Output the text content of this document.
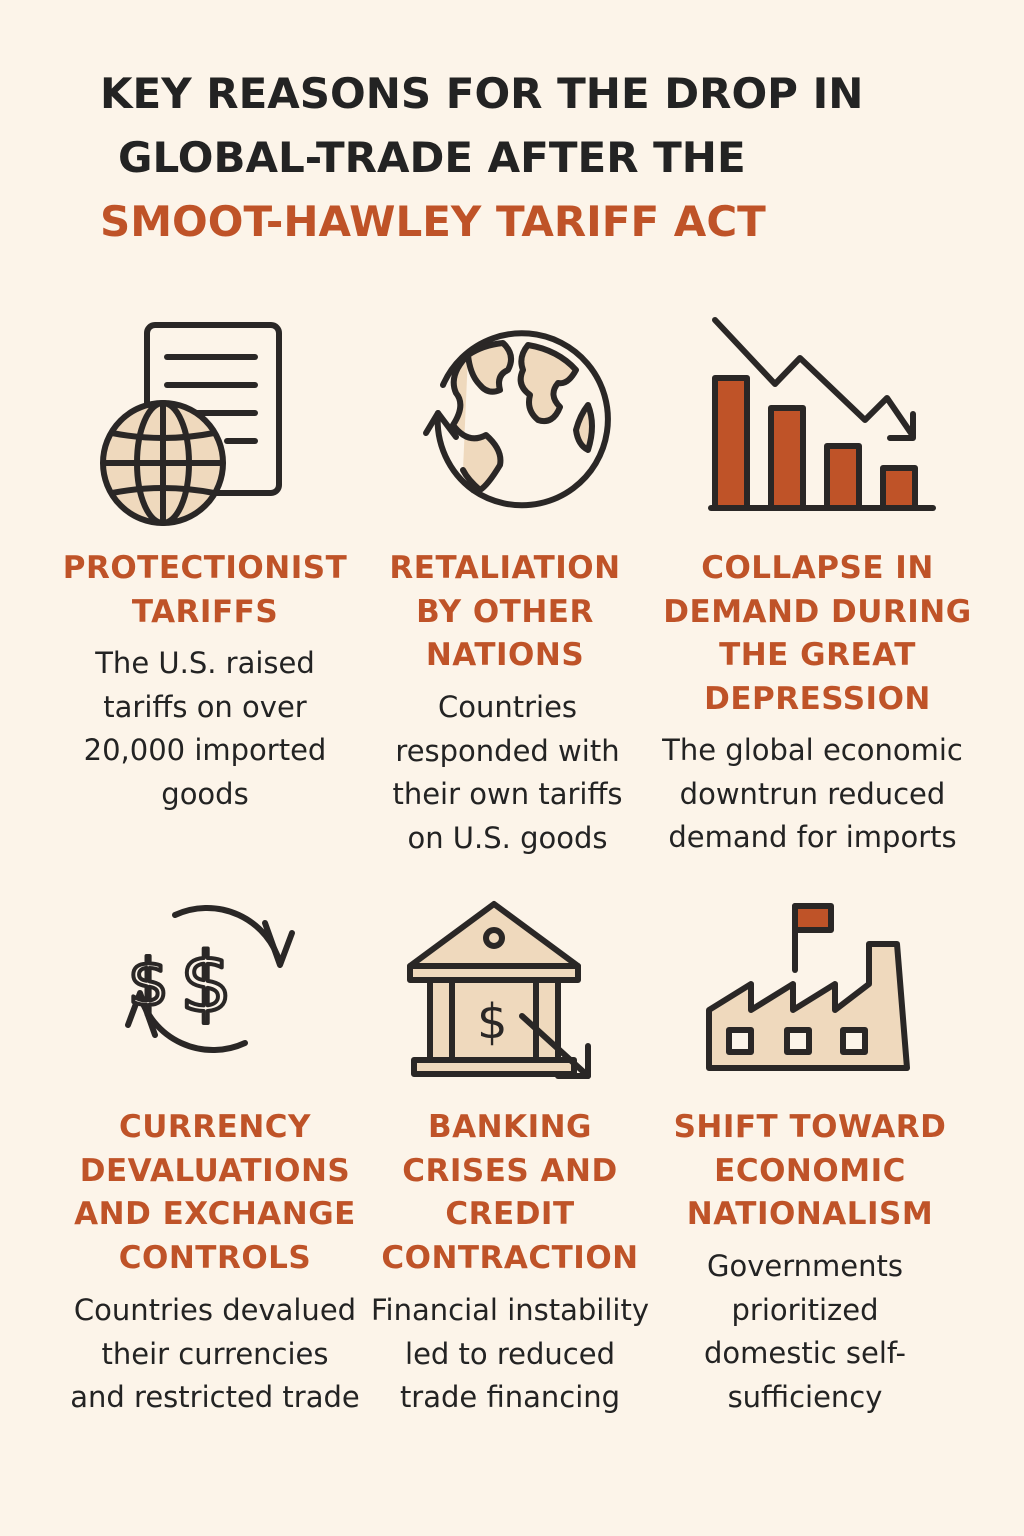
KEY REASONS FOR THE DROP IN
GLOBAL-TRADE AFTER THE
SMOOT-HAWLEY TARIFF ACT
PROTECTIONIST
TARIFFS
The U.S. raised
tariffs on over
20,000 imported
goods
RETALIATION
BY OTHER
NATIONS
Countries
responded with
their own tariffs
on U.S. goods
COLLAPSE IN
DEMAND DURING
THE GREAT
DEPRESSION
The global economic
downtrun reduced
demand for imports
$ $
CURRENCY
DEVALUATIONS
AND EXCHANGE
CONTROLS
Countries devalued
their currencies
and restricted trade
$
BANKING
CRISES AND
CREDIT
CONTRACTION
Financial instability
led to reduced
trade financing
SHIFT TOWARD
ECONOMIC
NATIONALISM
Governments
prioritized
domestic self-
sufficiency
